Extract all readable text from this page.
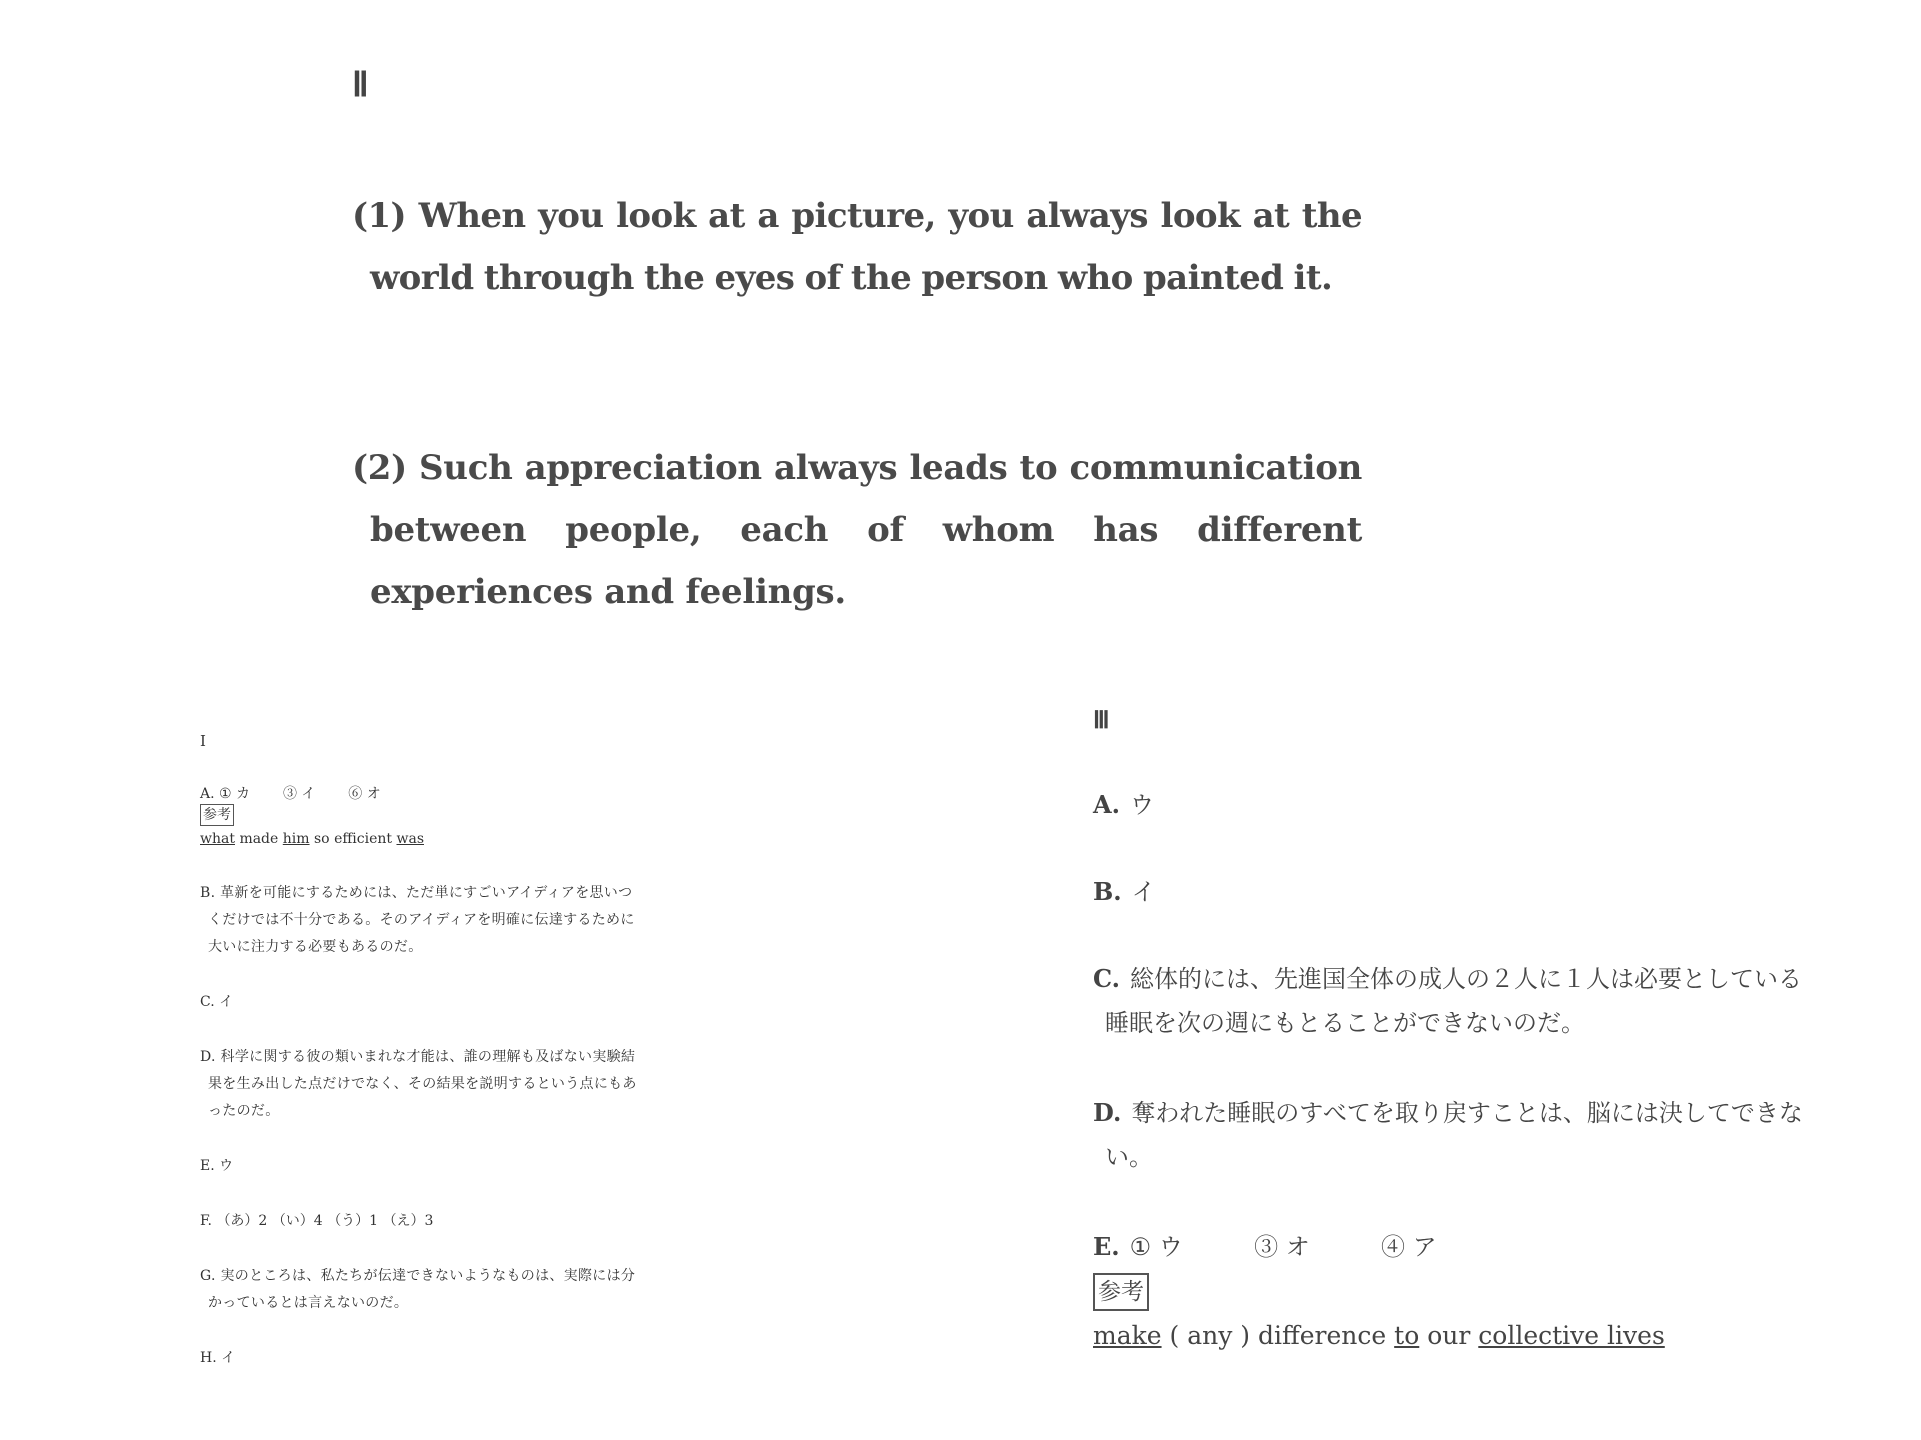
Ⅱ
(1) When you look at a picture, you always look at the world through the eyes of the person who painted it.
(2) Such appreciation always leads to communication between people, each of whom has different experiences and feelings.
I
A. ① カ ③ イ ⑥ オ
参考
what made him so efficient was
B. 革新を可能にするためには、ただ単にすごいアイディアを思いつくだけでは不十分である。そのアイディアを明確に伝達するために大いに注力する必要もあるのだ。
C. イ
D. 科学に関する彼の類いまれな才能は、誰の理解も及ばない実験結果を生み出した点だけでなく、その結果を説明するという点にもあったのだ。
E. ウ
F. （あ）2 （い）4 （う）1 （え）3
G. 実のところは、私たちが伝達できないようなものは、実際には分かっているとは言えないのだ。
H. イ
Ⅲ
A. ウ
B. イ
C. 総体的には、先進国全体の成人の２人に１人は必要としている睡眠を次の週にもとることができないのだ。
D. 奪われた睡眠のすべてを取り戻すことは、脳には決してできない。
E. ① ウ	③ オ	④ ア
参考
make ( any ) difference to our collective lives
